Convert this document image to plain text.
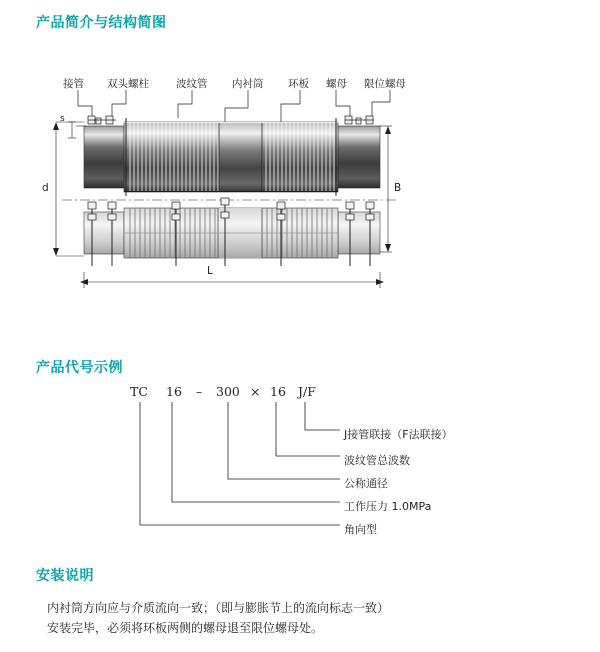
产品简介与结构简图
产品代号示例
安装说明
接管 双头螺柱	波纹管 内衬筒 环板 螺母 限位螺母
s
d	B
L
TC 16 – 300 × 16 J/F
J接管联接（F法联接）
波纹管总波数
公称通径
工作压力 1.0MPa
角向型
内衬筒方向应与介质流向一致；（即与膨胀节上的流向标志一致）
安装完毕，必须将环板两侧的螺母退至限位螺母处。
